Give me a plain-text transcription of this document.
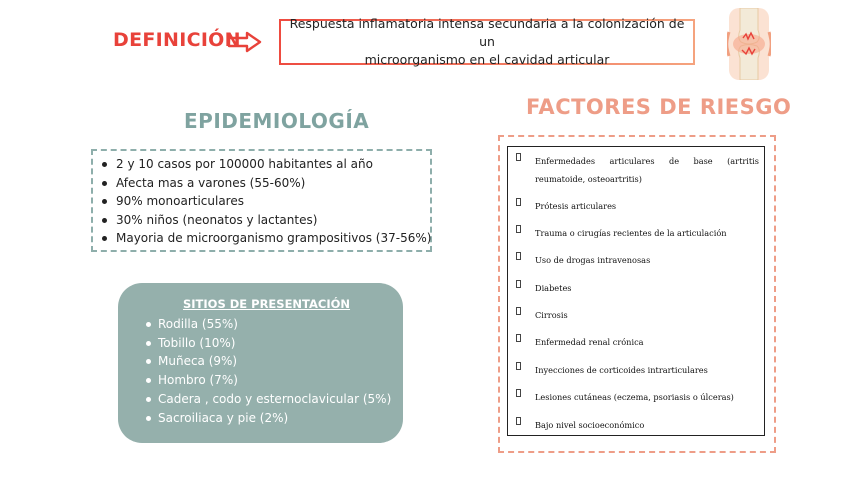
DEFINICIÓN
Respuesta inflamatoria intensa secundaria a la colonización de un
microorganismo en el cavidad articular
EPIDEMIOLOGÍA
2 y 10 casos por 100000 habitantes al año
Afecta mas a varones (55-60%)
90% monoarticulares
30% niños (neonatos y lactantes)
Mayoria de microorganismo grampositivos (37-56%)
SITIOS DE PRESENTACIÓN
Rodilla (55%)
Tobillo (10%)
Muñeca (9%)
Hombro (7%)
Cadera , codo y esternoclavicular (5%)
Sacroiliaca y pie (2%)
FACTORES DE RIESGO
Enfermedades articulares de base (artritis reumatoide, osteoartritis)
Prótesis articulares
Trauma o cirugías recientes de la articulación
Uso de drogas intravenosas
Diabetes
Cirrosis
Enfermedad renal crónica
Inyecciones de corticoides intrarticulares
Lesiones cutáneas (eczema, psoriasis o úlceras)
Bajo nivel socioeconómico
